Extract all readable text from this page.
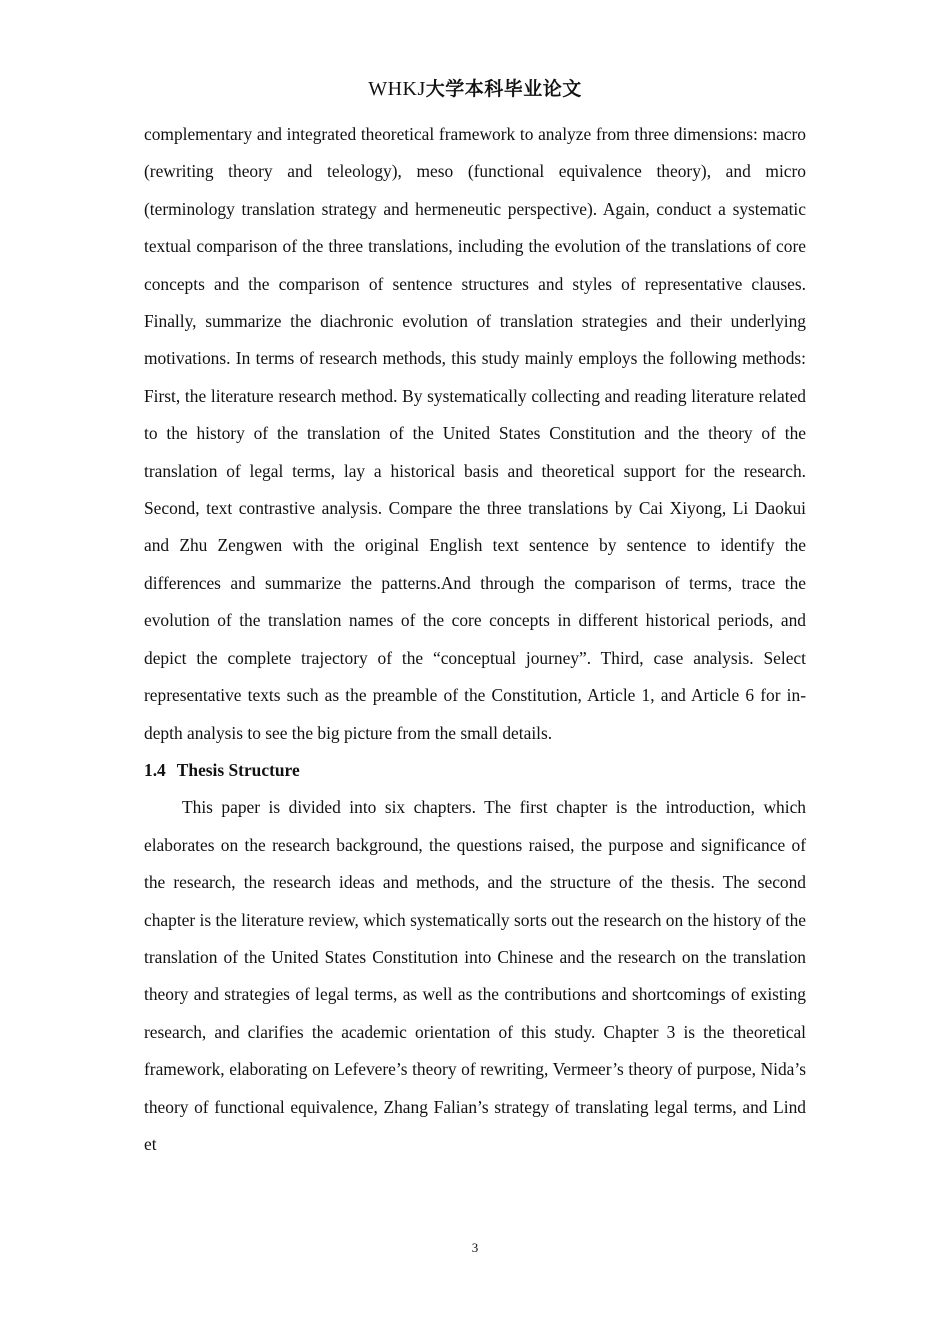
WHKJ大学本科毕业论文

complementary and integrated theoretical framework to analyze from three dimensions: macro (rewriting theory and teleology), meso (functional equivalence theory), and micro (terminology translation strategy and hermeneutic perspective). Again, conduct a systematic textual comparison of the three translations, including the evolution of the translations of core concepts and the comparison of sentence structures and styles of representative clauses. Finally, summarize the diachronic evolution of translation strategies and their underlying motivations. In terms of research methods, this study mainly employs the following methods: First, the literature research method. By systematically collecting and reading literature related to the history of the translation of the United States Constitution and the theory of the translation of legal terms, lay a historical basis and theoretical support for the research. Second, text contrastive analysis. Compare the three translations by Cai Xiyong, Li Daokui and Zhu Zengwen with the original English text sentence by sentence to identify the differences and summarize the patterns.And through the comparison of terms, trace the evolution of the translation names of the core concepts in different historical periods, and depict the complete trajectory of the “conceptual journey”. Third, case analysis. Select representative texts such as the preamble of the Constitution, Article 1, and Article 6 for in-depth analysis to see the big picture from the small details.

1.4 Thesis Structure

This paper is divided into six chapters. The first chapter is the introduction, which elaborates on the research background, the questions raised, the purpose and significance of the research, the research ideas and methods, and the structure of the thesis. The second chapter is the literature review, which systematically sorts out the research on the history of the translation of the United States Constitution into Chinese and the research on the translation theory and strategies of legal terms, as well as the contributions and shortcomings of existing research, and clarifies the academic orientation of this study. Chapter 3 is the theoretical framework, elaborating on Lefevere’s theory of rewriting, Vermeer’s theory of purpose, Nida’s theory of functional equivalence, Zhang Falian’s strategy of translating legal terms, and Lind et

3
